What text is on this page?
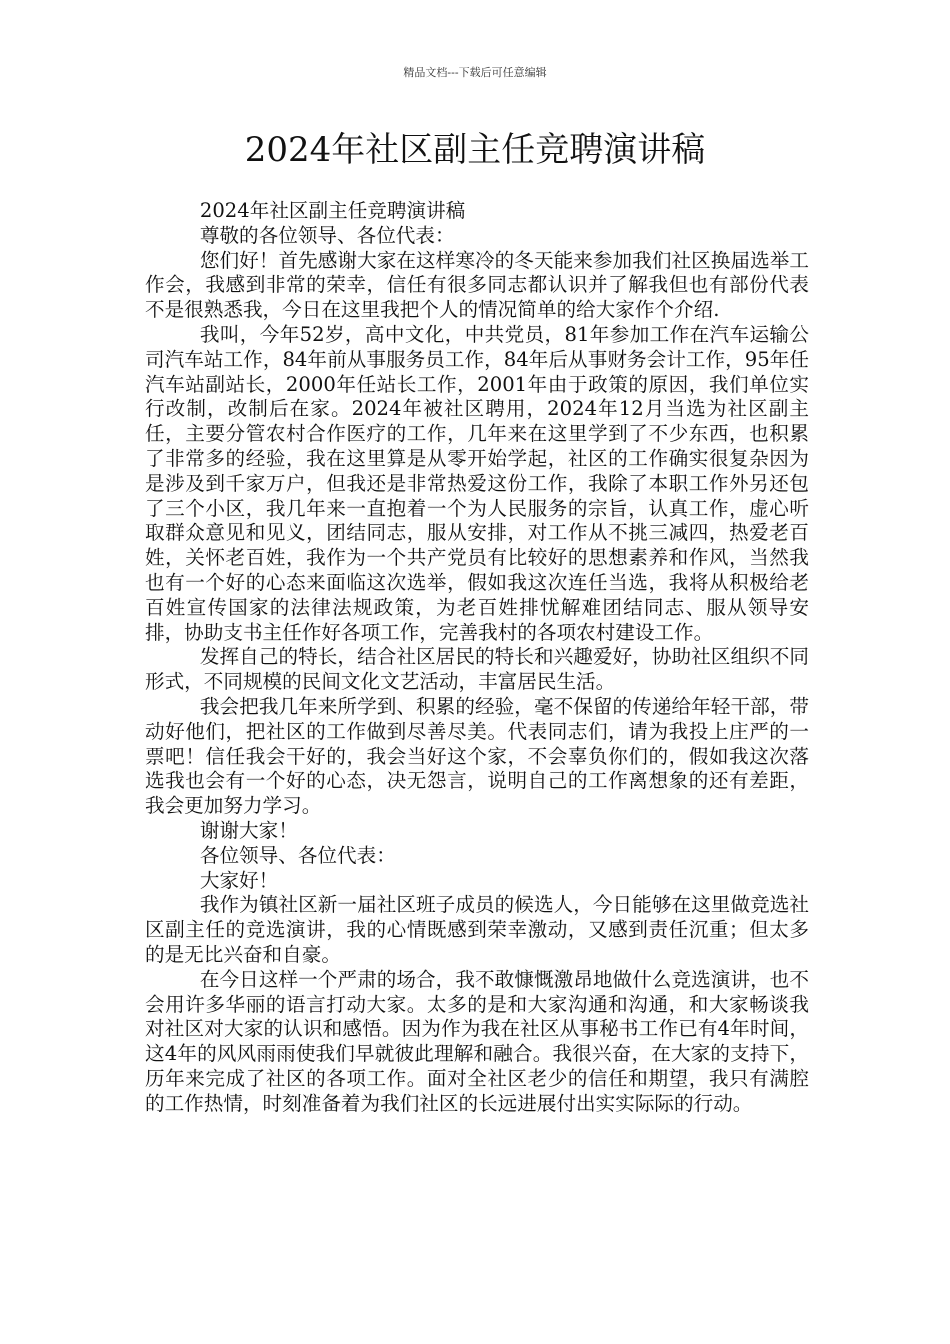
精品文档---下载后可任意编辑
2024年社区副主任竞聘演讲稿

2024年社区副主任竞聘演讲稿

尊敬的各位领导、各位代表：

您们好！首先感谢大家在这样寒冷的冬天能来参加我们社区换届选举工作会，我感到非常的荣幸，信任有很多同志都认识并了解我但也有部份代表不是很熟悉我，今日在这里我把个人的情况简单的给大家作个介绍.

我叫，今年52岁，高中文化，中共党员，81年参加工作在汽车运输公司汽车站工作，84年前从事服务员工作，84年后从事财务会计工作，95年任汽车站副站长，2000年任站长工作，2001年由于政策的原因，我们单位实行改制，改制后在家。2024年被社区聘用，2024年12月当选为社区副主任，主要分管农村合作医疗的工作，几年来在这里学到了不少东西，也积累了非常多的经验，我在这里算是从零开始学起，社区的工作确实很复杂因为是涉及到千家万户，但我还是非常热爱这份工作，我除了本职工作外另还包了三个小区，我几年来一直抱着一个为人民服务的宗旨，认真工作，虚心听取群众意见和见义，团结同志，服从安排，对工作从不挑三减四，热爱老百姓，关怀老百姓，我作为一个共产党员有比较好的思想素养和作风，当然我也有一个好的心态来面临这次选举，假如我这次连任当选，我将从积极给老百姓宣传国家的法律法规政策，为老百姓排忧解难团结同志、服从领导安排，协助支书主任作好各项工作，完善我村的各项农村建设工作。

发挥自己的特长，结合社区居民的特长和兴趣爱好，协助社区组织不同形式，不同规模的民间文化文艺活动，丰富居民生活。

我会把我几年来所学到、积累的经验，毫不保留的传递给年轻干部，带动好他们，把社区的工作做到尽善尽美。代表同志们，请为我投上庄严的一票吧！信任我会干好的，我会当好这个家，不会辜负你们的，假如我这次落选我也会有一个好的心态，决无怨言，说明自己的工作离想象的还有差距，我会更加努力学习。

谢谢大家！

各位领导、各位代表：

大家好！

我作为镇社区新一届社区班子成员的候选人，今日能够在这里做竞选社区副主任的竞选演讲，我的心情既感到荣幸激动，又感到责任沉重；但太多的是无比兴奋和自豪。

在今日这样一个严肃的场合，我不敢慷慨激昂地做什么竞选演讲，也不会用许多华丽的语言打动大家。太多的是和大家沟通和沟通，和大家畅谈我对社区对大家的认识和感悟。因为作为我在社区从事秘书工作已有4年时间，这4年的风风雨雨使我们早就彼此理解和融合。我很兴奋，在大家的支持下，历年来完成了社区的各项工作。面对全社区老少的信任和期望，我只有满腔的工作热情，时刻准备着为我们社区的长远进展付出实实际际的行动。
